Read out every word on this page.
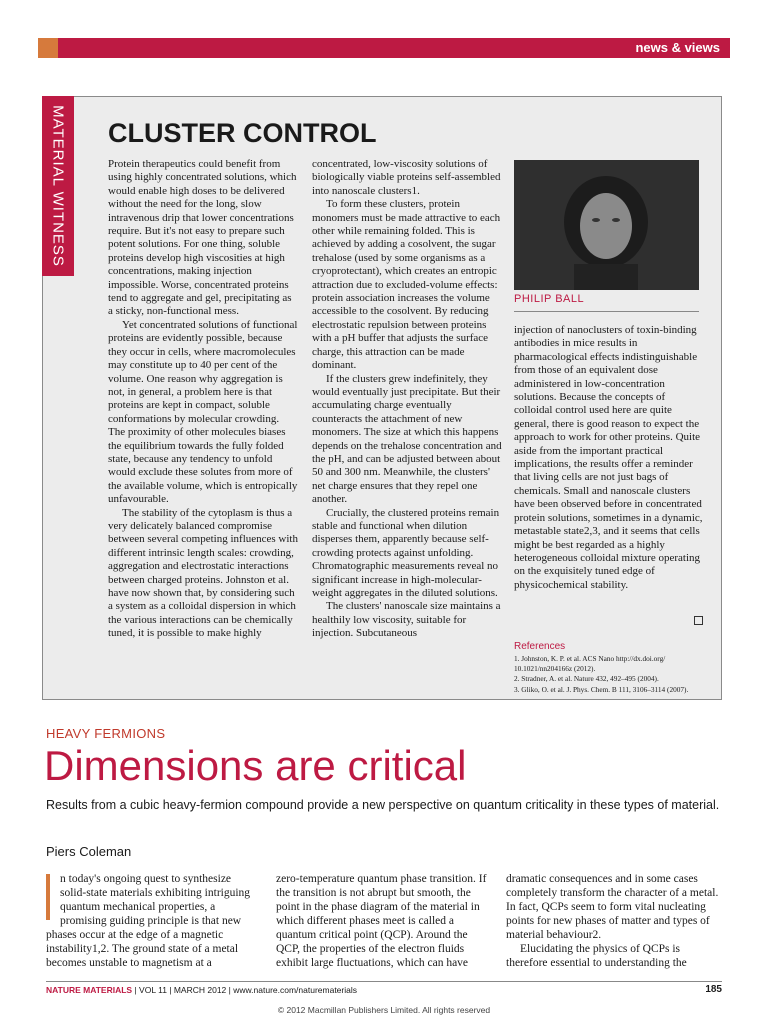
news & views
MATERIAL WITNESS CLUSTER CONTROL

Protein therapeutics could benefit from using highly concentrated solutions, which would enable high doses to be delivered without the need for the long, slow intravenous drip that lower concentrations require. But it's not easy to prepare such potent solutions. For one thing, soluble proteins develop high viscosities at high concentrations, making injection impossible. Worse, concentrated proteins tend to aggregate and gel, precipitating as a sticky, non-functional mess.

Yet concentrated solutions of functional proteins are evidently possible, because they occur in cells, where macromolecules may constitute up to 40 per cent of the volume. One reason why aggregation is not, in general, a problem here is that proteins are kept in compact, soluble conformations by molecular crowding. The proximity of other molecules biases the equilibrium towards the fully folded state, because any tendency to unfold would exclude these solutes from more of the available volume, which is entropically unfavourable.

The stability of the cytoplasm is thus a very delicately balanced compromise between several competing influences with different intrinsic length scales: crowding, aggregation and electrostatic interactions between charged proteins. Johnston et al. have now shown that, by considering such a system as a colloidal dispersion in which the various interactions can be chemically tuned, it is possible to make highly

concentrated, low-viscosity solutions of biologically viable proteins self-assembled into nanoscale clusters1.

To form these clusters, protein monomers must be made attractive to each other while remaining folded. This is achieved by adding a cosolvent, the sugar trehalose (used by some organisms as a cryoprotectant), which creates an entropic attraction due to excluded-volume effects: protein association increases the volume accessible to the cosolvent. By reducing electrostatic repulsion between proteins with a pH buffer that adjusts the surface charge, this attraction can be made dominant.

If the clusters grew indefinitely, they would eventually just precipitate. But their accumulating charge eventually counteracts the attachment of new monomers. The size at which this happens depends on the trehalose concentration and the pH, and can be adjusted between about 50 and 300 nm. Meanwhile, the clusters' net charge ensures that they repel one another.

Crucially, the clustered proteins remain stable and functional when dilution disperses them, apparently because self-crowding protects against unfolding. Chromatographic measurements reveal no significant increase in high-molecular-weight aggregates in the diluted solutions.

The clusters' nanoscale size maintains a healthily low viscosity, suitable for injection. Subcutaneous

PHILIP BALL

injection of nanoclusters of toxin-binding antibodies in mice results in pharmacological effects indistinguishable from those of an equivalent dose administered in low-concentration solutions. Because the concepts of colloidal control used here are quite general, there is good reason to expect the approach to work for other proteins. Quite aside from the important practical implications, the results offer a reminder that living cells are not just bags of chemicals. Small and nanoscale clusters have been observed before in concentrated protein solutions, sometimes in a dynamic, metastable state2,3, and it seems that cells might be best regarded as a highly heterogeneous colloidal mixture operating on the exquisitely tuned edge of physicochemical stability.

References
1. Johnston, K. P. et al. ACS Nano http://dx.doi.org/
10.1021/nn204166z (2012).
2. Stradner, A. et al. Nature 432, 492–495 (2004).
3. Gliko, O. et al. J. Phys. Chem. B 111, 3106–3114 (2007).
HEAVY FERMIONS
Dimensions are critical
Results from a cubic heavy-fermion compound provide a new perspective on quantum criticality in these types of material.
Piers Coleman

n today's ongoing quest to synthesize solid-state materials exhibiting intriguing quantum mechanical properties, a promising guiding principle is that new phases occur at the edge of a magnetic instability1,2. The ground state of a metal becomes unstable to magnetism at a

zero-temperature quantum phase transition. If the transition is not abrupt but smooth, the point in the phase diagram of the material in which different phases meet is called a quantum critical point (QCP). Around the QCP, the properties of the electron fluids exhibit large fluctuations, which can have

dramatic consequences and in some cases completely transform the character of a metal. In fact, QCPs seem to form vital nucleating points for new phases of matter and types of material behaviour2.

Elucidating the physics of QCPs is therefore essential to understanding the

NATURE MATERIALS | VOL 11 | MARCH 2012 | www.nature.com/naturematerials	185
© 2012 Macmillan Publishers Limited. All rights reserved
